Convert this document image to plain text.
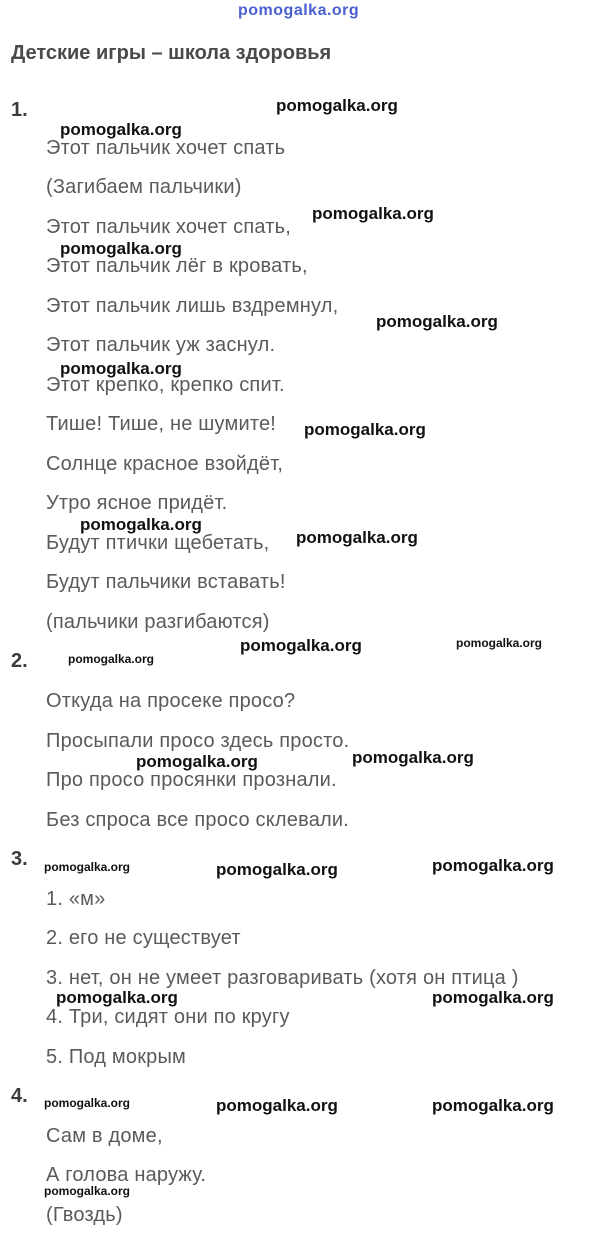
pomogalka.org
Детские игры – школа здоровья
1.
Этот пальчик хочет спать
(Загибаем пальчики)
Этот пальчик хочет спать,
Этот пальчик лёг в кровать,
Этот пальчик лишь вздремнул,
Этот пальчик уж заснул.
Этот крепко, крепко спит.
Тише! Тише, не шумите!
Солнце красное взойдёт,
Утро ясное придёт.
Будут птички щебетать,
Будут пальчики вставать!
(пальчики разгибаются)
2.
Откуда на просеке просо?
Просыпали просо здесь просто.
Про просо просянки прознали.
Без спроса все просо склевали.
3.
1. «м»
2. его не существует
3. нет, он не умеет разговаривать (хотя он птица )
4. Три, сидят они по кругу
5. Под мокрым
4.
Сам в доме,
А голова наружу.
(Гвоздь)
pomogalka.org
pomogalka.org
pomogalka.org
pomogalka.org
pomogalka.org
pomogalka.org
pomogalka.org
pomogalka.org
pomogalka.org
pomogalka.org	pomogalka.org
pomogalka.org
pomogalka.org
pomogalka.org
pomogalka.org	pomogalka.org	pomogalka.org
pomogalka.org	pomogalka.org
pomogalka.org	pomogalka.org	pomogalka.org
pomogalka.org
